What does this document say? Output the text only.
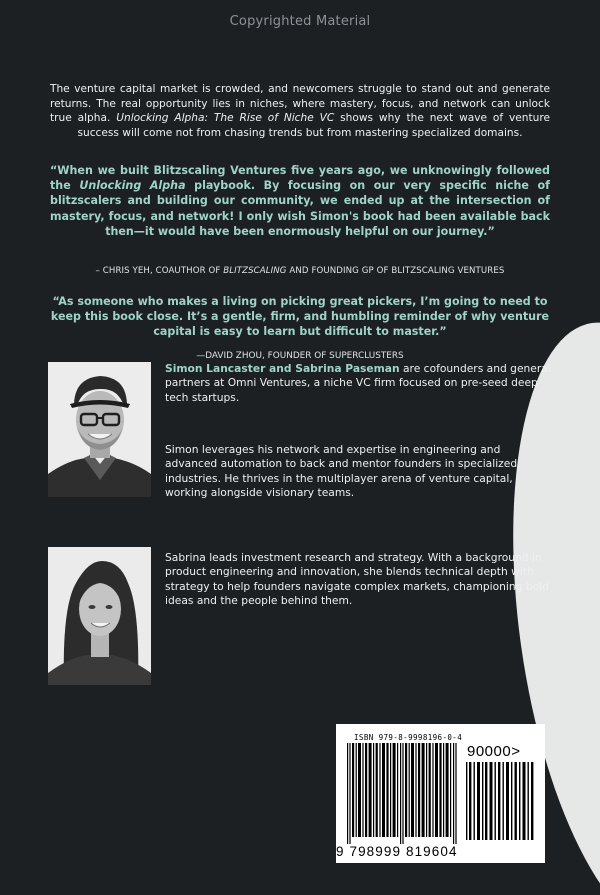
Copyrighted Material

The venture capital market is crowded, and newcomers struggle to stand out and generate returns. The real opportunity lies in niches, where mastery, focus, and network can unlock true alpha. Unlocking Alpha: The Rise of Niche VC shows why the next wave of venture success will come not from chasing trends but from mastering specialized domains.

“When we built Blitzscaling Ventures five years ago, we unknowingly followed the Unlocking Alpha playbook. By focusing on our very specific niche of blitzscalers and building our community, we ended up at the intersection of mastery, focus, and network! I only wish Simon's book had been available back then—it would have been enormously helpful on our journey.”

– CHRIS YEH, COAUTHOR OF BLITZSCALING AND FOUNDING GP OF BLITZSCALING VENTURES

“As someone who makes a living on picking great pickers, I’m going to need to keep this book close. It’s a gentle, firm, and humbling reminder of why venture capital is easy to learn but difficult to master.”

—DAVID ZHOU, FOUNDER OF SUPERCLUSTERS

Simon Lancaster and Sabrina Paseman are cofounders and general partners at Omni Ventures, a niche VC firm focused on pre-seed deep-tech startups.

Simon leverages his network and expertise in engineering and advanced automation to back and mentor founders in specialized industries. He thrives in the multiplayer arena of venture capital, working alongside visionary teams.

Sabrina leads investment research and strategy. With a background in product engineering and innovation, she blends technical depth with strategy to help founders navigate complex markets, championing bold ideas and the people behind them.

ISBN 979-8-9998196-0-4
90000>
9 798999 819604
